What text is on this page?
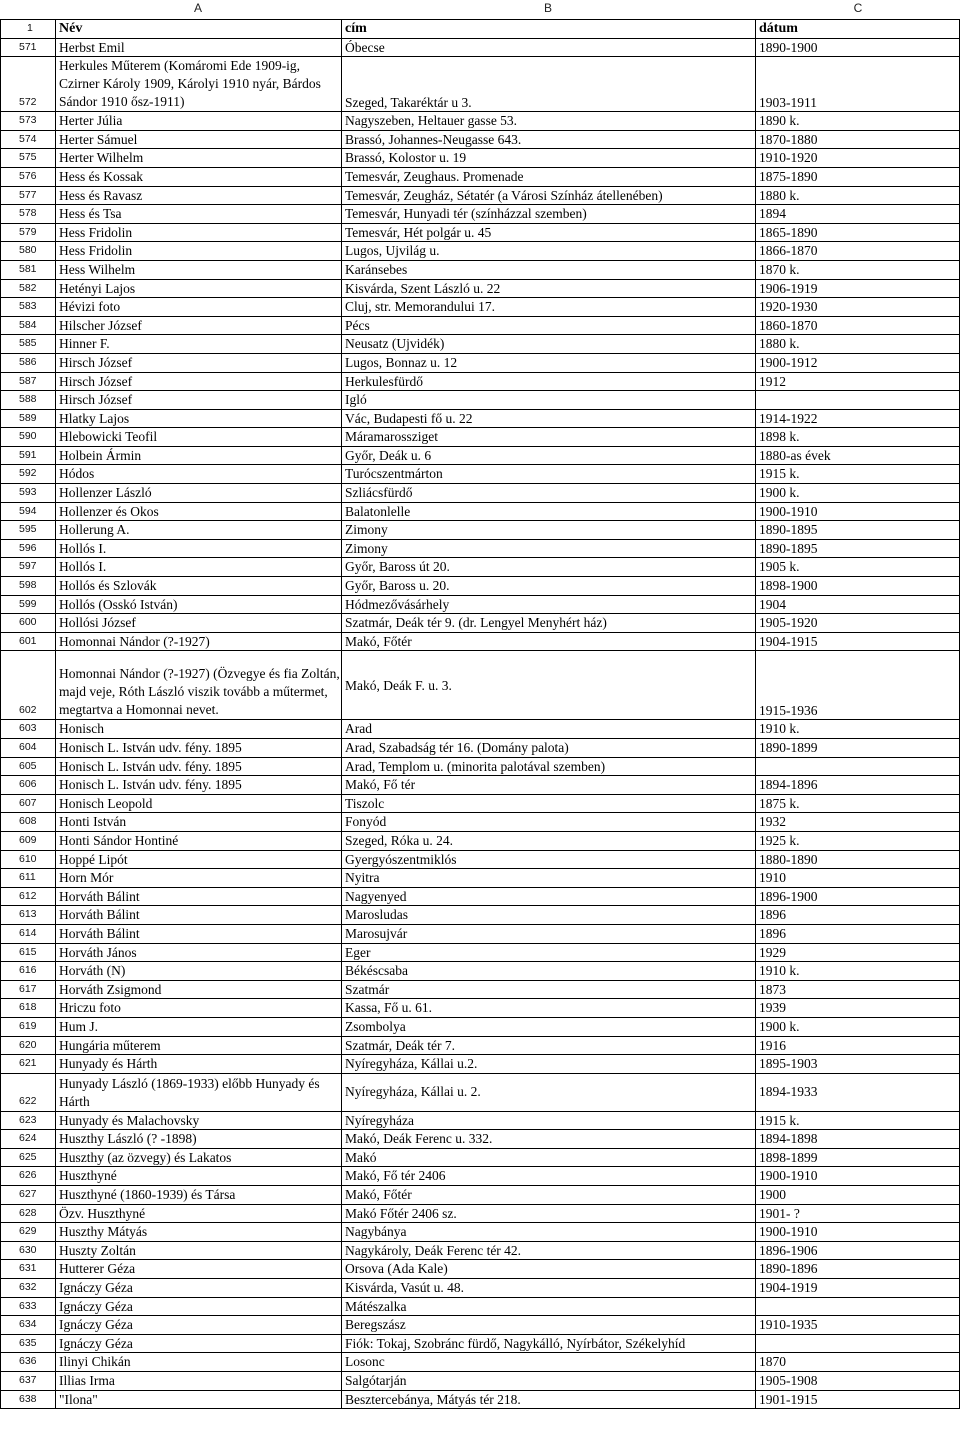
A	B	C
1	Név	cím	dátum
571	Herbst Emil	Óbecse	1890-1900
572	Herkules Műterem (Komáromi Ede 1909-ig, Czirner Károly 1909, Károlyi 1910 nyár, Bárdos Sándor 1910 ősz-1911)	Szeged, Takaréktár u 3.	1903-1911
573	Herter Júlia	Nagyszeben, Heltauer gasse 53.	1890 k.
574	Herter Sámuel	Brassó, Johannes-Neugasse 643.	1870-1880
575	Herter Wilhelm	Brassó, Kolostor u. 19	1910-1920
576	Hess és Kossak	Temesvár, Zeughaus. Promenade	1875-1890
577	Hess és Ravasz	Temesvár, Zeugház, Sétatér (a Városi Színház átellenében)	1880 k.
578	Hess és Tsa	Temesvár, Hunyadi tér (színházzal szemben)	1894
579	Hess Fridolin	Temesvár, Hét polgár u. 45	1865-1890
580	Hess Fridolin	Lugos, Ujvilág u.	1866-1870
581	Hess Wilhelm	Karánsebes	1870 k.
582	Hetényi Lajos	Kisvárda, Szent László u. 22	1906-1919
583	Hévizi foto	Cluj, str. Memorandului 17.	1920-1930
584	Hilscher József	Pécs	1860-1870
585	Hinner F.	Neusatz (Ujvidék)	1880 k.
586	Hirsch József	Lugos, Bonnaz u. 12	1900-1912
587	Hirsch József	Herkulesfürdő	1912
588	Hirsch József	Igló	
589	Hlatky Lajos	Vác, Budapesti fő u. 22	1914-1922
590	Hlebowicki Teofil	Máramarossziget	1898 k.
591	Holbein Ármin	Győr, Deák u. 6	1880-as évek
592	Hódos	Turócszentmárton	1915 k.
593	Hollenzer László	Szliácsfürdő	1900 k.
594	Hollenzer és Okos	Balatonlelle	1900-1910
595	Hollerung A.	Zimony	1890-1895
596	Hollós I.	Zimony	1890-1895
597	Hollós I.	Győr, Baross út 20.	1905 k.
598	Hollós és Szlovák	Győr, Baross u. 20.	1898-1900
599	Hollós (Osskó István)	Hódmezővásárhely	1904
600	Hollósi József	Szatmár, Deák tér 9. (dr. Lengyel Menyhért ház)	1905-1920
601	Homonnai Nándor (?-1927)	Makó, Főtér	1904-1915
602	Homonnai Nándor (?-1927) (Özvegye és fia Zoltán, majd veje, Róth László viszik tovább a műtermet, megtartva a Homonnai nevet.	Makó, Deák F. u. 3.	1915-1936
603	Honisch	Arad	1910 k.
604	Honisch L. István udv. fény. 1895	Arad, Szabadság tér 16. (Domány palota)	1890-1899
605	Honisch L. István udv. fény. 1895	Arad, Templom u. (minorita palotával szemben)	
606	Honisch L. István udv. fény. 1895	Makó, Fő tér	1894-1896
607	Honisch Leopold	Tiszolc	1875 k.
608	Honti István	Fonyód	1932
609	Honti Sándor Hontiné	Szeged, Róka u. 24.	1925 k.
610	Hoppé Lipót	Gyergyószentmiklós	1880-1890
611	Horn Mór	Nyitra	1910
612	Horváth Bálint	Nagyenyed	1896-1900
613	Horváth Bálint	Marosludas	1896
614	Horváth Bálint	Marosujvár	1896
615	Horváth János	Eger	1929
616	Horváth (N)	Békéscsaba	1910 k.
617	Horváth Zsigmond	Szatmár	1873
618	Hriczu foto	Kassa, Fő u. 61.	1939
619	Hum J.	Zsombolya	1900 k.
620	Hungária műterem	Szatmár, Deák tér 7.	1916
621	Hunyady és Hárth	Nyíregyháza, Kállai u.2.	1895-1903
622	Hunyady László (1869-1933) előbb Hunyady és Hárth	Nyíregyháza, Kállai u. 2.	1894-1933
623	Hunyady és Malachovsky	Nyíregyháza	1915 k.
624	Huszthy László (? -1898)	Makó, Deák Ferenc u. 332.	1894-1898
625	Huszthy (az özvegy) és Lakatos	Makó	1898-1899
626	Huszthyné	Makó, Fő tér 2406	1900-1910
627	Huszthyné (1860-1939) és Társa	Makó, Főtér	1900
628	Özv. Huszthyné	Makó Főtér 2406 sz.	1901- ?
629	Huszthy Mátyás	Nagybánya	1900-1910
630	Huszty Zoltán	Nagykároly, Deák Ferenc tér 42.	1896-1906
631	Hutterer Géza	Orsova (Ada Kale)	1890-1896
632	Ignáczy Géza	Kisvárda, Vasút u. 48.	1904-1919
633	Ignáczy Géza	Mátészalka	
634	Ignáczy Géza	Beregszász	1910-1935
635	Ignáczy Géza	Fiók: Tokaj, Szobránc fürdő, Nagykálló, Nyírbátor, Székelyhíd	
636	Ilinyi Chikán	Losonc	1870
637	Illias Irma	Salgótarján	1905-1908
638	"Ilona"	Besztercebánya, Mátyás tér 218.	1901-1915
